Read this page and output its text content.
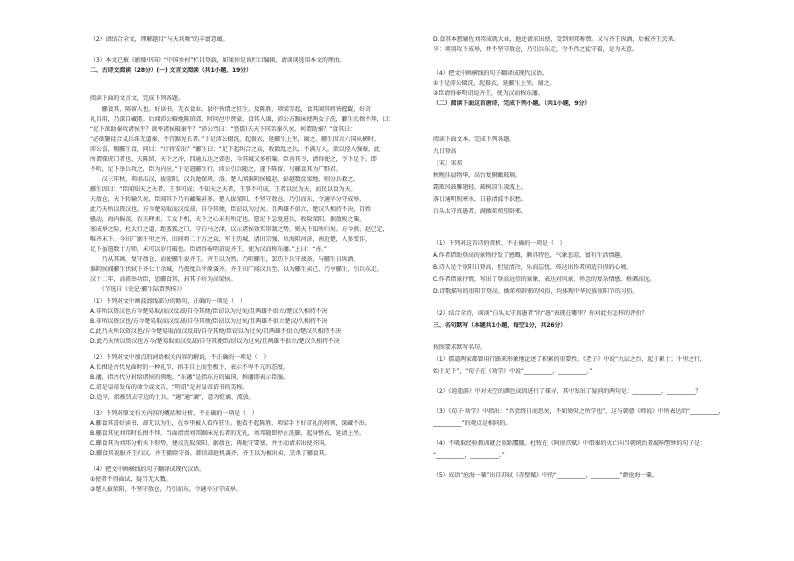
（2）请结合全文，理解题目“与天共舞”的丰富意蕴。
（3）本文已被《影像中国》“中国乡村”栏目登载，如果你是该栏目编辑，请谈谈选用本文的理由。
二、古诗文阅读（28分）(一) 文言文阅读（共1小题，19分）
阅读下面的文言文，完成下列各题。
　　郦食其，陈留人也。好读书，无衣食业，县中皆谓之狂生。及陈胜、项梁等起，食其闻其将皆握龊，好苛
礼自用，乃深自藏匿。后闻沛公略地陈留郊，时问邑中贤豪。食其入谒，沛公方踞床使两女子洗，郦生长揖不拜，曰：
“足下欲助秦攻诸侯乎？欲率诸侯破秦乎？”沛公骂曰：“竖儒!夫天下同苦秦久矣，何谓助秦？”食其曰：
“必欲聚徒合义兵诛无道秦，不宜踞见长者。”于是沛公辍洗，起摄衣，延郦生上坐，谢之。郦生因言六国从横时。
沛公喜，赐郦生食，问曰：“计将安出？”郦生曰：“足下起纠合之众，收散乱之兵，不满万人，欲以径入强秦，此
所谓探虎口者也。夫陈留，天下之冲，四通五达之郊也，今其城又多积粟。臣善其令，请得使之，令下足下。即
不听，足下举兵攻之，臣为内应。”于是遣郦生行，沛公引兵随之，遂下陈留。号郦食其为广野君。
　　汉三年秋，项羽击汉，拔荥阳，汉兵遁保巩、洛。楚人闻淮阴侯破赵，彭越数反梁地，则分兵救之。
郦生因曰：“臣闻知天之天者，王事可成；不知天之天者，王事不可成。王者以民为天，而民以食为天。
夫敖仓，天下转输久矣，臣闻其下乃有藏粟甚多。楚人拔荥阳，不坚守敖仓，乃引而东，令適卒分守成皋，
此乃天所以资汉也。方今楚易取而汉反却，自夺其便，臣窃以为过矣。且两雄不俱立，楚汉久相持不决，百姓
骚动，海内摇荡，农夫释耒，工女下机，天下之心未有所定也。愿足下急复进兵，收取荥阳，据敖庾之粟，
塞成皋之险，杜大行之道，距蜚狐之口，守白马之津，以示诸侯效实形制之势，则天下知所归矣。方今燕、赵已定，
唯齐未下。今田广据千里之齐，田间将二十万之众，军于历城，诸田宗强，负海阻河济，南近楚，人多变诈，
足下虽遣数十万师，未可以岁月破也。臣请得奉明诏说齐王，使为汉而称东藩。”上曰：“善。”
　　乃从其画，复守敖仓，而使郦生说齐王。齐王以为然，乃听郦生，罢历下兵守战备，与郦生日纵酒。
淮阴侯闻郦生伏轼下齐七十余城，乃夜度兵平原袭齐。齐王田广闻汉兵至，以为郦生卖己，乃亨郦生，引兵东走。
汉十二年，高祖举功臣，思郦食其，封其子疥为高梁侯。
　　（节选自《史记·郦生陆贾列传》）
（1）下列对文中画波浪线部分的断句，正确的一项是（　）
A.非所以资汉也方今楚易取/而汉反却/自夺其便/臣窃以为过矣/且两雄不俱立/楚汉久相持不决
B.非所以资汉也/方今楚易取而汉反却/自夺其便/臣窃以为过矣/且两雄不俱立楚汉/久相持不决
C.此乃天所以资汉也/方今楚易取/而汉反却/自夺其便/臣窃以为过矣/且两雄不俱立/楚汉久相持不决
D.此乃天所以资汉也方今/楚易取而汉反却/自夺其便臣/窃以为过矣/且两雄不俱立/楚汉久相持不决
（2）下列对文中加点的词语相关内容的解说，不正确的一项是（　）
A.长揖是古代见面时的一种礼节，拱手自上而至极下，表示不卑不亢的态度。
B.藩，指古代分封给诸侯的领地。“东藩”是指东方的属国，称藩即表示臣服。
C.诏是皇帝发布的命令或文告，“明诏”是对皇帝诏书的美称。
D.适卒，指被罚去守边的士兵。“適”通“谪”，意为贬谪、流放。
（3）下列对原文有关内容的概括和分析，不正确的一项是（　）
A.郦食其喜好读书，却无以为生，在乡里被人看作狂生。他看不起陈胜、项梁手下好苛礼的将领，深藏不出。
B.郦食其见刘邦时长揖不拜，当面指责刘邦踞床见长者的无礼，刘邦随即停止洗脚，起身整衣，延请上坐。
C.郦食其为刘邦分析天下形势，建议先取荥阳、据敖仓，再扼守要塞，并主动请求出使齐国。
D.郦食其说服齐王归汉，齐王撤除守备，韩信却趁机袭齐，齐王以为被出卖，烹杀了郦食其。
（4）把文中画横线的句子翻译成现代汉语。
①使者不得面试，疑当无大戮。
②楚人拔荥阳，不坚守敖仓，乃引而东，令適卒分守成皋。
D.食其本想辅佐刘邦成就大业，他还请求出使，受到刘邦称赞。又与齐王纵酒，后被齐王烹杀。
卒：项羽攻下成皋，并不坚守敖仓，乃引兵东走，令不肖之徒守着，是为天意。
（4）把文中画横线的句子翻译成现代汉语。
①于是沛公辍洗，起摄衣，延郦生上坐，谢之。
②臣请得奉明诏说齐王，使为汉而称东藩。
（二）阅读下面这首唐诗，完成下列小题。（共1小题，9分）
阅读下面文本，完成下列各题。
九日登高
［宋］宋祁
秋晚佳晨物华，高台复俯瞰玻璃。
霜欺风鼓雁翅轻，疏树凉生凌波上。
落日通明照寒水，日暮清波不识愁。
白头太守真愚者，满插茱萸望辟邪。
（1）下列对这首诗的赏析，不正确的一项是（　）
A.作者借助登高的景物抒发了感慨，颇具特色，气象悲凉，富有生活情趣。
B.诗人是个重阳日登高，但觉清冷，乐而忘忧，传达出作者闲适自得的心境。
C.作者借景抒情，写出了登高远望的景象，表达对风景、怀念的复杂情感，格调高远。
D.诗歌描写的重阳节登高、插茱萸辟邪的风俗，均体现中华民族重阳节的习俗。
（2）结合全诗，谈谈“白头太守真愚者”的“愚”表现在哪里？你对此有怎样的评价？
三、名句默写（本题共1小题，每空1分，共26分）
按照要求默写名句。
（1）儒道两家都曾用行路来形象地论述了积累的重要性。《老子》中说“九层之台，起于累土；千里之行，
始于足下”，“荀子在《劝学》中说“__________，__________。”
（2）《逍遥游》中对天空的颜色成因进行了探寻，其中发出了疑问的两句是：__________，__________？
（3）《荀子·劝学》中指出：“吾尝终日而思矣，不如须臾之所学也”，这与韩愈《师说》中所表达的“__________，
__________”的观点是相同的。
（4）不吸取经验教训就会重蹈覆辙。杜牧在《阿房宫赋》中借秦的灭亡向当朝统治者敲响警钟的句子是：
“__________，__________。”
（5）成语“沧海一粟”出自苏轼《赤壁赋》中的“__________，__________”渺沧海一粟。
